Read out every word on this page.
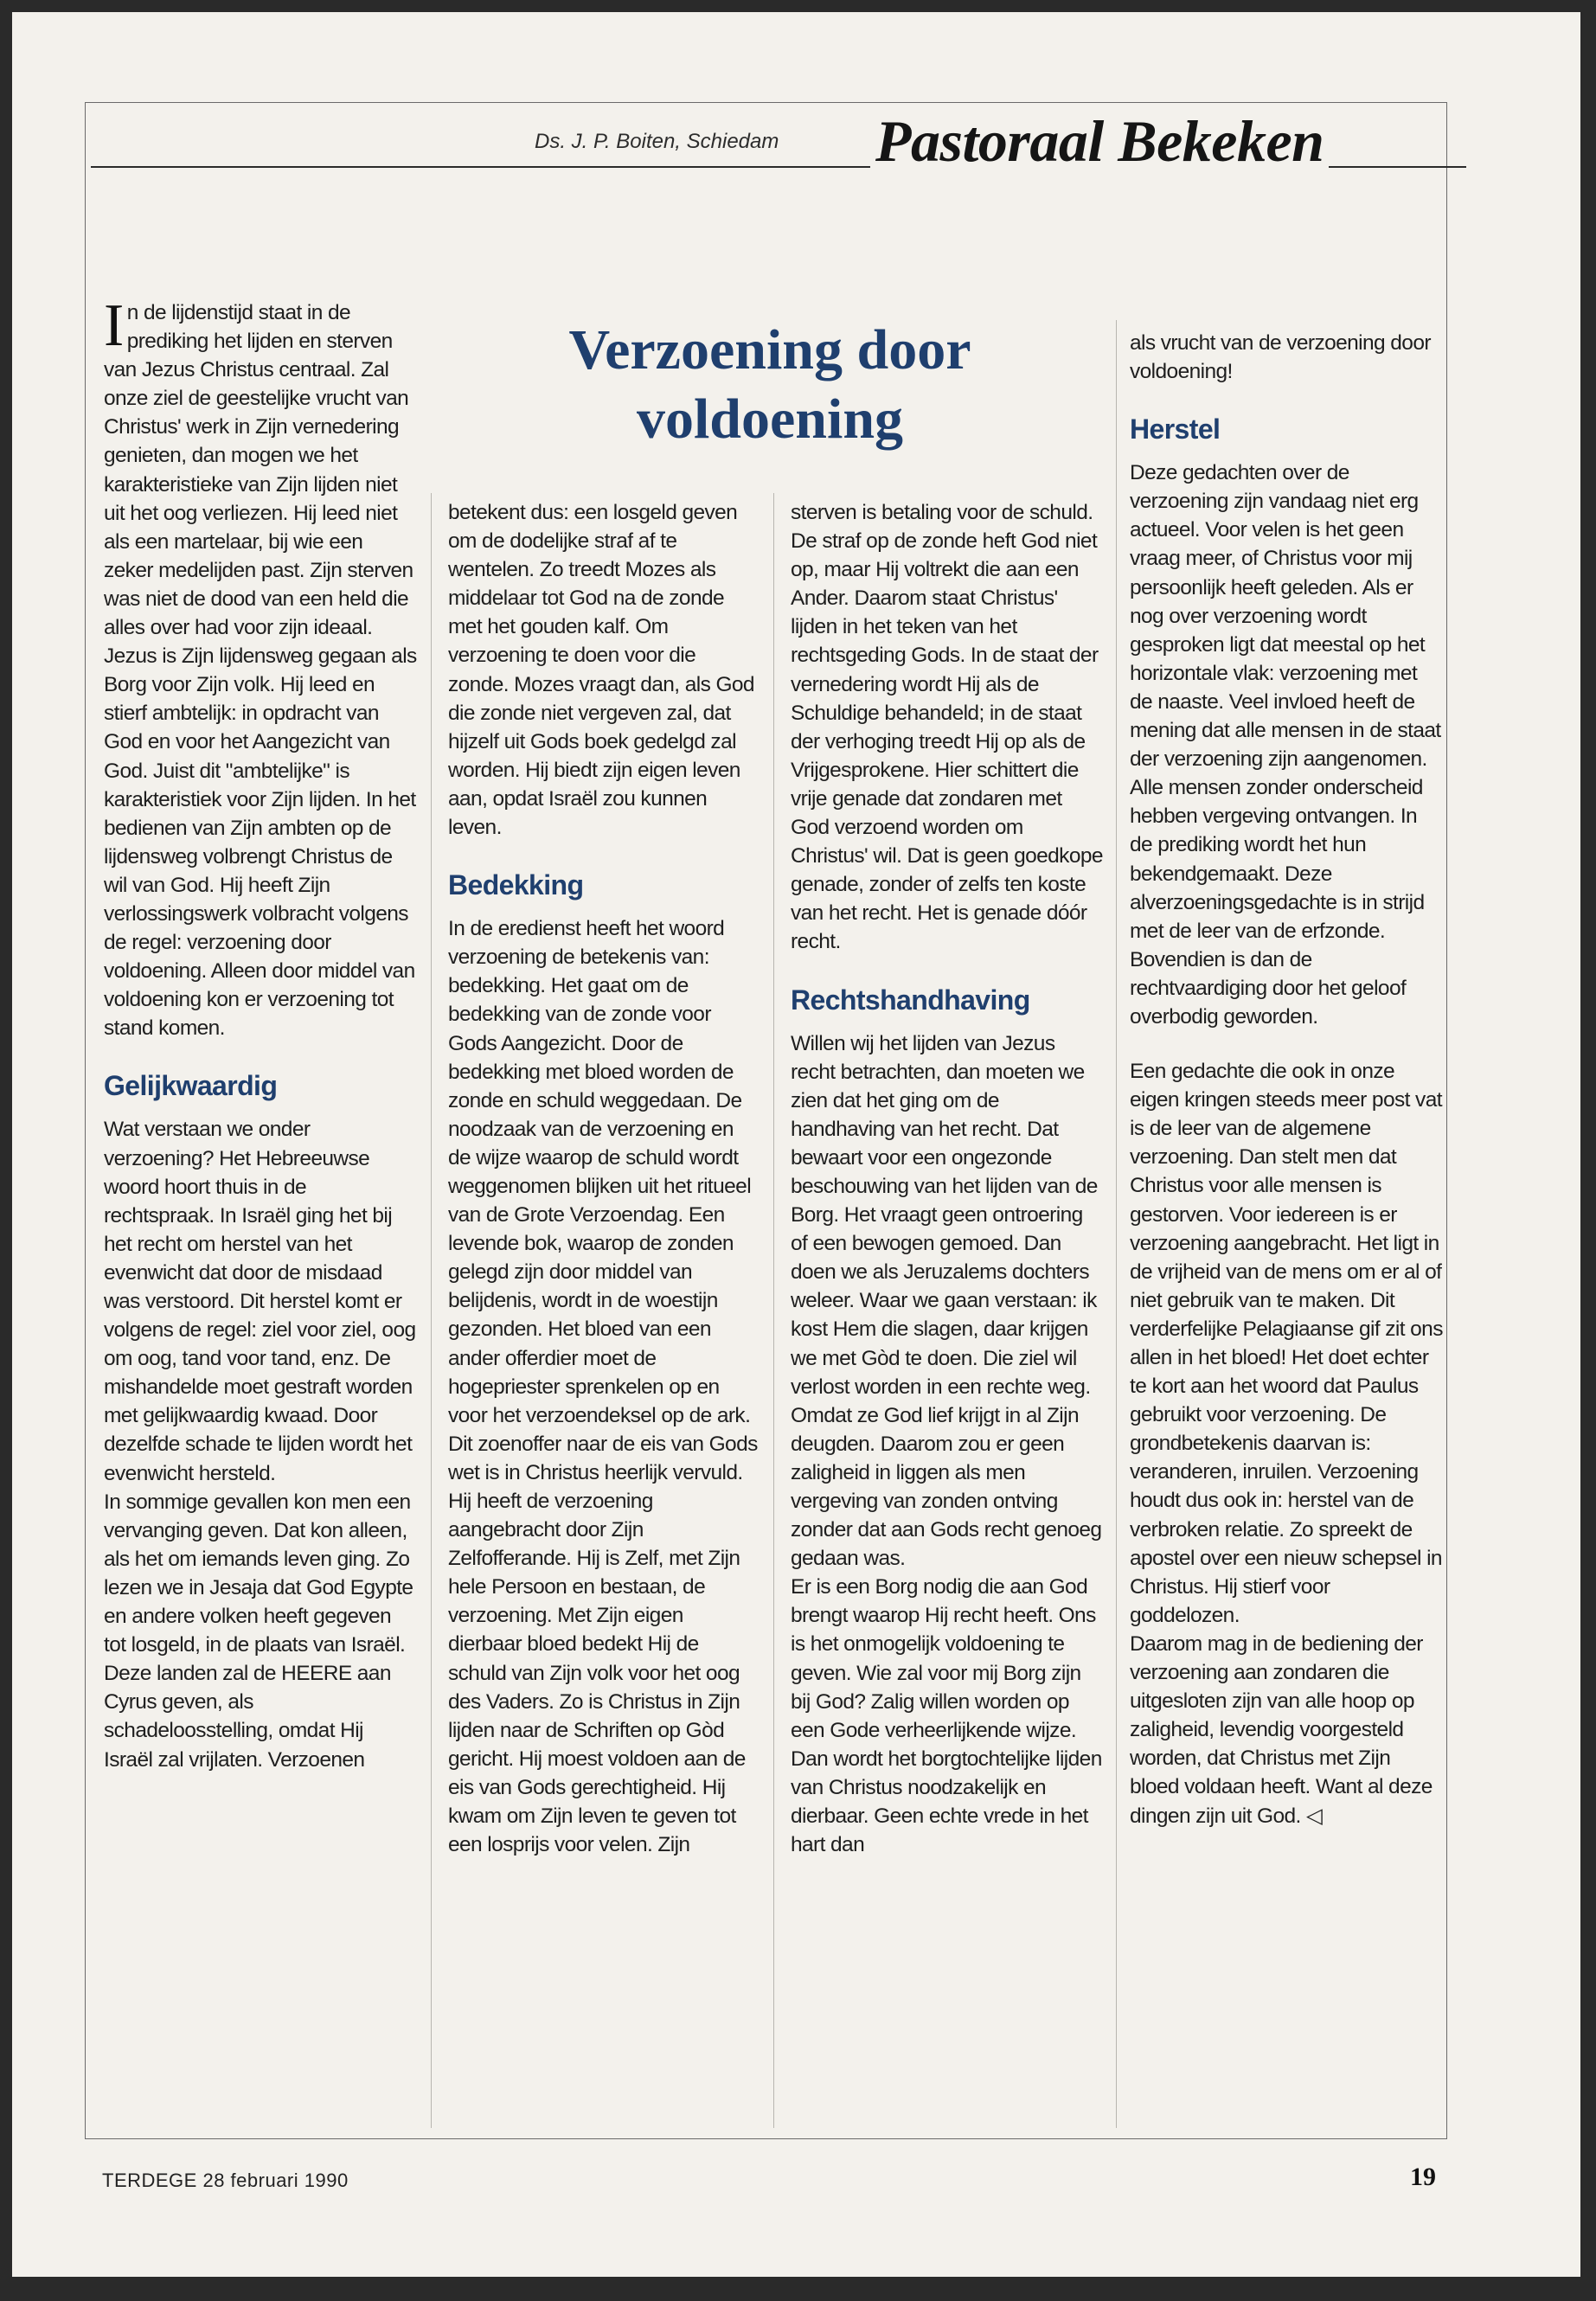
Ds. J. P. Boiten, Schiedam Pastoraal Bekeken
Verzoening door voldoening

In de lijdenstijd staat in de prediking het lijden en sterven van Jezus Christus centraal. Zal onze ziel de geestelijke vrucht van Christus' werk in Zijn vernedering genieten, dan mogen we het karakteristieke van Zijn lijden niet uit het oog verliezen. Hij leed niet als een martelaar, bij wie een zeker medelijden past. Zijn sterven was niet de dood van een held die alles over had voor zijn ideaal.

Jezus is Zijn lijdensweg gegaan als Borg voor Zijn volk. Hij leed en stierf ambtelijk: in opdracht van God en voor het Aangezicht van God. Juist dit "ambtelijke" is karakteristiek voor Zijn lijden. In het bedienen van Zijn ambten op de lijdensweg volbrengt Christus de wil van God. Hij heeft Zijn verlossingswerk volbracht volgens de regel: verzoening door voldoening. Alleen door middel van voldoening kon er verzoening tot stand komen.

Gelijkwaardig

Wat verstaan we onder verzoening? Het Hebreeuwse woord hoort thuis in de rechtspraak. In Israël ging het bij het recht om herstel van het evenwicht dat door de misdaad was verstoord. Dit herstel komt er volgens de regel: ziel voor ziel, oog om oog, tand voor tand, enz. De mishandelde moet gestraft worden met gelijkwaardig kwaad. Door dezelfde schade te lijden wordt het evenwicht hersteld.

In sommige gevallen kon men een vervanging geven. Dat kon alleen, als het om iemands leven ging. Zo lezen we in Jesaja dat God Egypte en andere volken heeft gegeven tot losgeld, in de plaats van Israël. Deze landen zal de HEERE aan Cyrus geven, als schadeloosstelling, omdat Hij Israël zal vrijlaten. Verzoenen

betekent dus: een losgeld geven om de dodelijke straf af te wentelen. Zo treedt Mozes als middelaar tot God na de zonde met het gouden kalf. Om verzoening te doen voor die zonde. Mozes vraagt dan, als God die zonde niet vergeven zal, dat hijzelf uit Gods boek gedelgd zal worden. Hij biedt zijn eigen leven aan, opdat Israël zou kunnen leven.

Bedekking

In de eredienst heeft het woord verzoening de betekenis van: bedekking. Het gaat om de bedekking van de zonde voor Gods Aangezicht. Door de bedekking met bloed worden de zonde en schuld weggedaan. De noodzaak van de verzoening en de wijze waarop de schuld wordt weggenomen blijken uit het ritueel van de Grote Verzoendag. Een levende bok, waarop de zonden gelegd zijn door middel van belijdenis, wordt in de woestijn gezonden. Het bloed van een ander offerdier moet de hogepriester sprenkelen op en voor het verzoendeksel op de ark.

Dit zoenoffer naar de eis van Gods wet is in Christus heerlijk vervuld. Hij heeft de verzoening aangebracht door Zijn Zelfofferande. Hij is Zelf, met Zijn hele Persoon en bestaan, de verzoening. Met Zijn eigen dierbaar bloed bedekt Hij de schuld van Zijn volk voor het oog des Vaders. Zo is Christus in Zijn lijden naar de Schriften op Gòd gericht. Hij moest voldoen aan de eis van Gods gerechtigheid. Hij kwam om Zijn leven te geven tot een losprijs voor velen. Zijn

sterven is betaling voor de schuld. De straf op de zonde heft God niet op, maar Hij voltrekt die aan een Ander. Daarom staat Christus' lijden in het teken van het rechtsgeding Gods. In de staat der vernedering wordt Hij als de Schuldige behandeld; in de staat der verhoging treedt Hij op als de Vrijgesprokene. Hier schittert die vrije genade dat zondaren met God verzoend worden om Christus' wil. Dat is geen goedkope genade, zonder of zelfs ten koste van het recht. Het is genade dóór recht.

Rechtshandhaving

Willen wij het lijden van Jezus recht betrachten, dan moeten we zien dat het ging om de handhaving van het recht. Dat bewaart voor een ongezonde beschouwing van het lijden van de Borg. Het vraagt geen ontroering of een bewogen gemoed. Dan doen we als Jeruzalems dochters weleer. Waar we gaan verstaan: ik kost Hem die slagen, daar krijgen we met Gòd te doen. Die ziel wil verlost worden in een rechte weg. Omdat ze God lief krijgt in al Zijn deugden. Daarom zou er geen zaligheid in liggen als men vergeving van zonden ontving zonder dat aan Gods recht genoeg gedaan was.

Er is een Borg nodig die aan God brengt waarop Hij recht heeft. Ons is het onmogelijk voldoening te geven. Wie zal voor mij Borg zijn bij God? Zalig willen worden op een Gode verheerlijkende wijze. Dan wordt het borgtochtelijke lijden van Christus noodzakelijk en dierbaar. Geen echte vrede in het hart dan

als vrucht van de verzoening door voldoening!

Herstel

Deze gedachten over de verzoening zijn vandaag niet erg actueel. Voor velen is het geen vraag meer, of Christus voor mij persoonlijk heeft geleden. Als er nog over verzoening wordt gesproken ligt dat meestal op het horizontale vlak: verzoening met de naaste. Veel invloed heeft de mening dat alle mensen in de staat der verzoening zijn aangenomen. Alle mensen zonder onderscheid hebben vergeving ontvangen. In de prediking wordt het hun bekendgemaakt. Deze alverzoeningsgedachte is in strijd met de leer van de erfzonde. Bovendien is dan de rechtvaardiging door het geloof overbodig geworden.

Een gedachte die ook in onze eigen kringen steeds meer post vat is de leer van de algemene verzoening. Dan stelt men dat Christus voor alle mensen is gestorven. Voor iedereen is er verzoening aangebracht. Het ligt in de vrijheid van de mens om er al of niet gebruik van te maken. Dit verderfelijke Pelagiaanse gif zit ons allen in het bloed! Het doet echter te kort aan het woord dat Paulus gebruikt voor verzoening. De grondbetekenis daarvan is: veranderen, inruilen. Verzoening houdt dus ook in: herstel van de verbroken relatie. Zo spreekt de apostel over een nieuw schepsel in Christus. Hij stierf voor goddelozen.

Daarom mag in de bediening der verzoening aan zondaren die uitgesloten zijn van alle hoop op zaligheid, levendig voorgesteld worden, dat Christus met Zijn bloed voldaan heeft. Want al deze dingen zijn uit God. ◁

TERDEGE 28 februari 1990	19
